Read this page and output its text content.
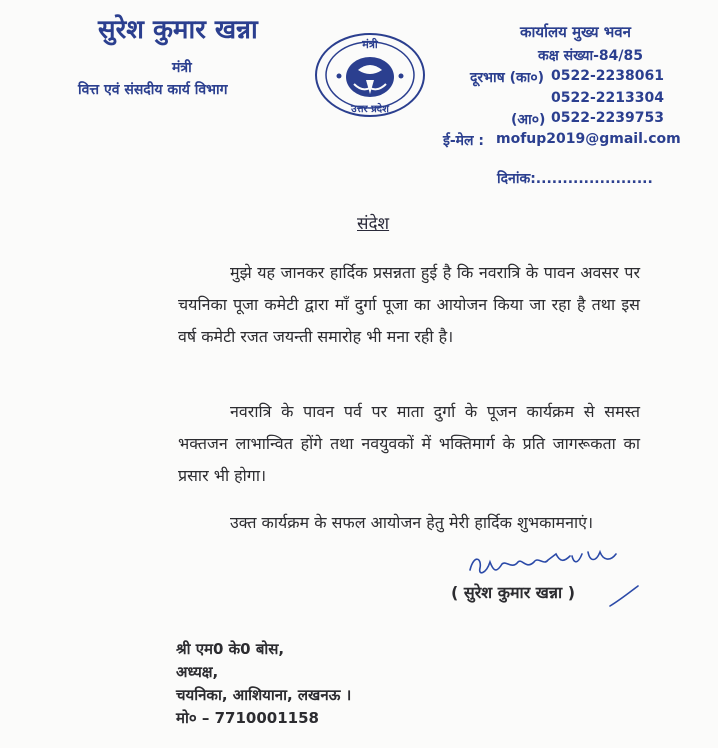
सुरेश कुमार खन्ना
मंत्री
वित्त एवं संसदीय कार्य विभाग
मंत्री
उत्तर प्रदेश
कार्यालय मुख्य भवन
कक्ष संख्या-84/85
दूरभाष (का०) 0522-2238061
0522-2213304
(आ०) 0522-2239753
ई-मेल : mofup2019@gmail.com
दिनांक:......................
संदेश
मुझे यह जानकर हार्दिक प्रसन्नता हुई है कि नवरात्रि के पावन अवसर पर चयनिका पूजा कमेटी द्वारा माँ दुर्गा पूजा का आयोजन किया जा रहा है तथा इस वर्ष कमेटी रजत जयन्ती समारोह भी मना रही है।
नवरात्रि के पावन पर्व पर माता दुर्गा के पूजन कार्यक्रम से समस्त भक्तजन लाभान्वित होंगे तथा नवयुवकों में भक्तिमार्ग के प्रति जागरूकता का प्रसार भी होगा।
उक्त कार्यक्रम के सफल आयोजन हेतु मेरी हार्दिक शुभकामनाएं।
( सुरेश कुमार खन्ना )
श्री एम0 के0 बोस,
अध्यक्ष,
चयनिका, आशियाना, लखनऊ ।
मो० – 7710001158
